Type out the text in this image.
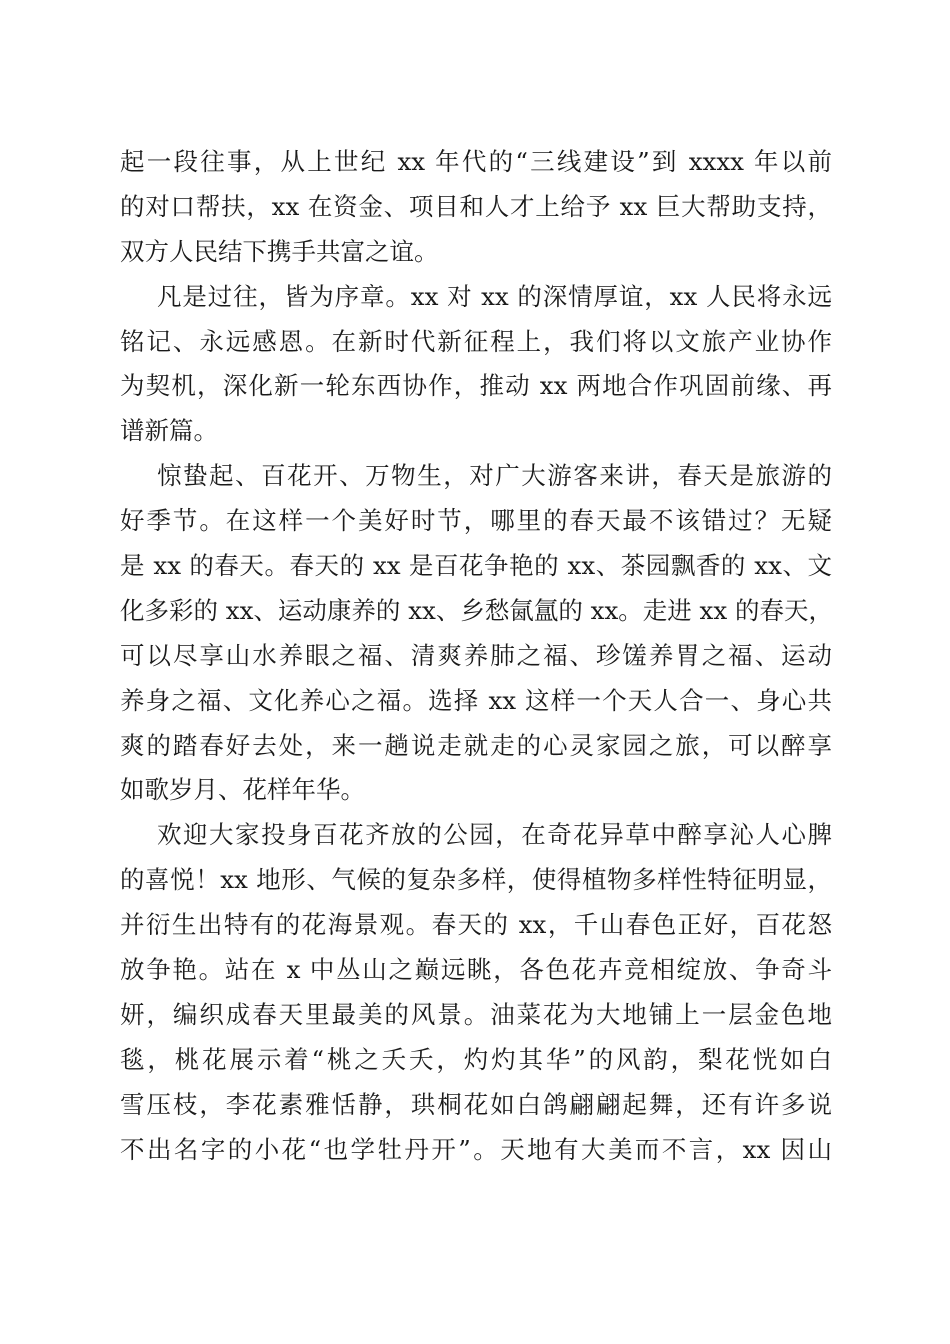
起一段往事，从上世纪 xx 年代的“三线建设”到 xxxx 年以前
的对口帮扶，xx 在资金、项目和人才上给予 xx 巨大帮助支持，
双方人民结下携手共富之谊。
凡是过往，皆为序章。xx 对 xx 的深情厚谊，xx 人民将永远
铭记、永远感恩。在新时代新征程上，我们将以文旅产业协作
为契机，深化新一轮东西协作，推动 xx 两地合作巩固前缘、再
谱新篇。
惊蛰起、百花开、万物生，对广大游客来讲，春天是旅游的
好季节。在这样一个美好时节，哪里的春天最不该错过？无疑
是 xx 的春天。春天的 xx 是百花争艳的 xx、茶园飘香的 xx、文
化多彩的 xx、运动康养的 xx、乡愁氤氲的 xx。走进 xx 的春天，
可以尽享山水养眼之福、清爽养肺之福、珍馐养胃之福、运动
养身之福、文化养心之福。选择 xx 这样一个天人合一、身心共
爽的踏春好去处，来一趟说走就走的心灵家园之旅，可以醉享
如歌岁月、花样年华。
欢迎大家投身百花齐放的公园，在奇花异草中醉享沁人心脾
的喜悦！xx 地形、气候的复杂多样，使得植物多样性特征明显，
并衍生出特有的花海景观。春天的 xx，千山春色正好，百花怒
放争艳。站在 x 中丛山之巅远眺，各色花卉竞相绽放、争奇斗
妍，编织成春天里最美的风景。油菜花为大地铺上一层金色地
毯，桃花展示着“桃之夭夭，灼灼其华”的风韵，梨花恍如白
雪压枝，李花素雅恬静，珙桐花如白鸽翩翩起舞，还有许多说
不出名字的小花“也学牡丹开”。天地有大美而不言，xx 因山
